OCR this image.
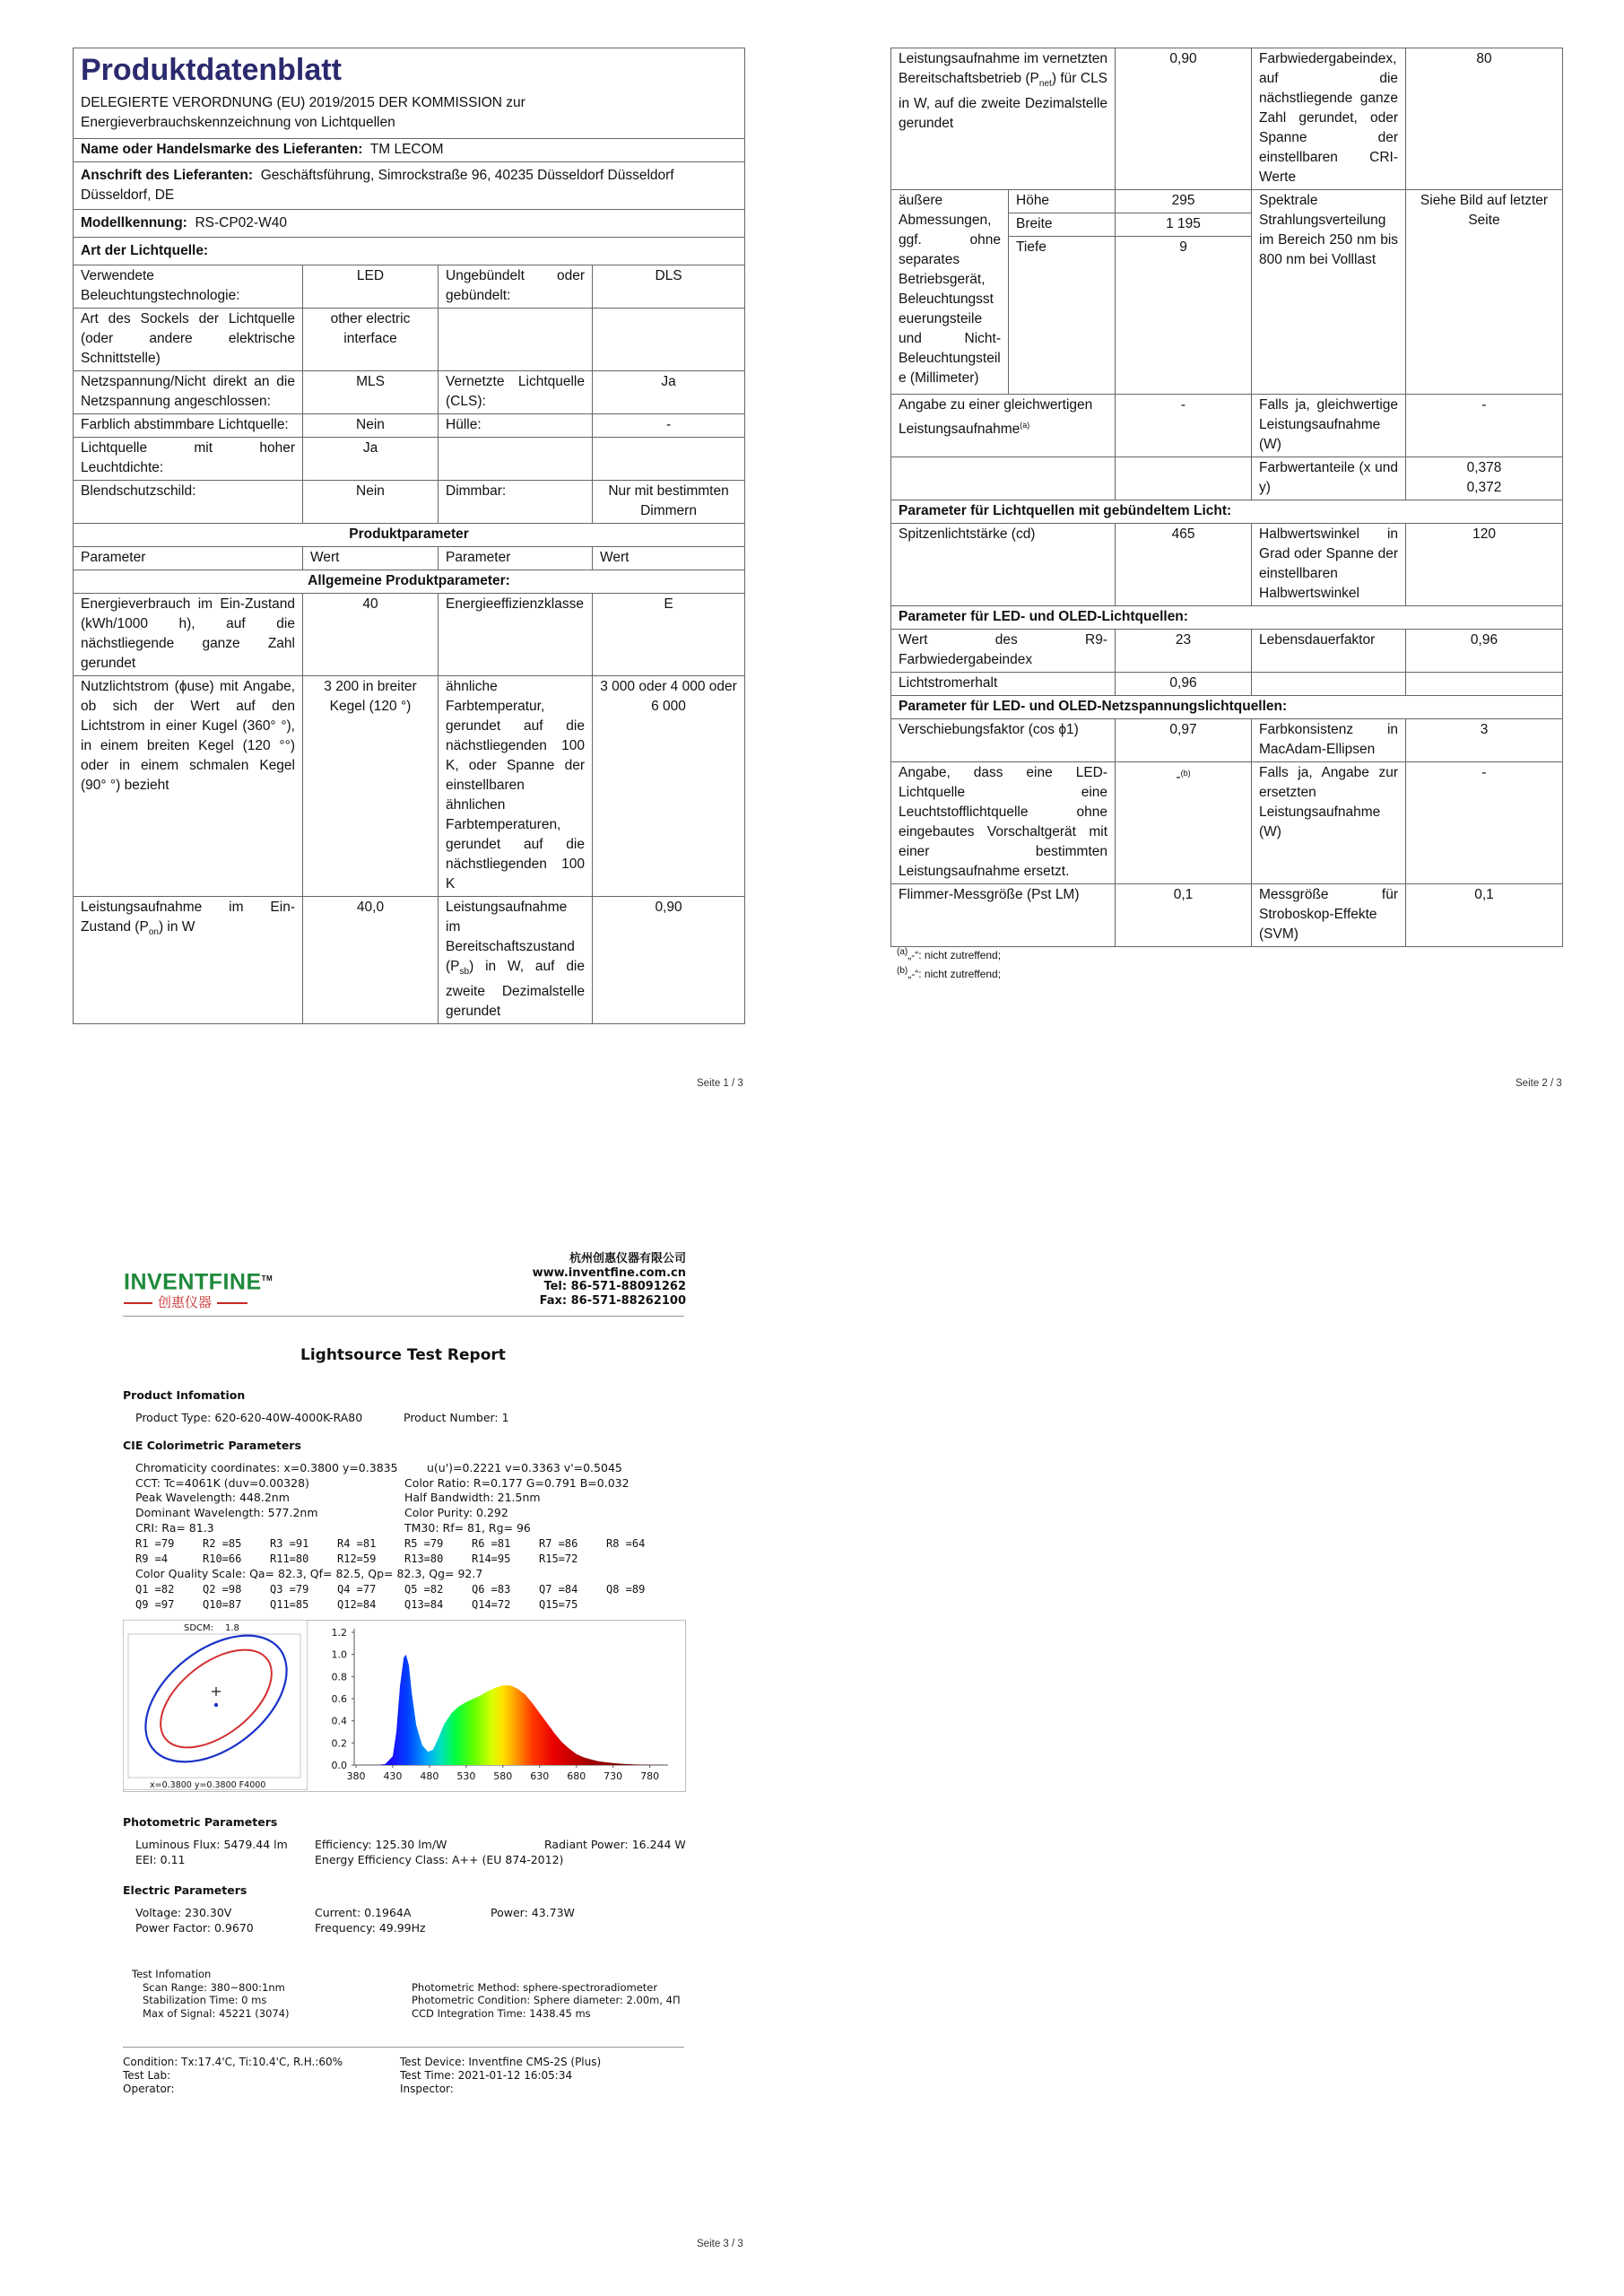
Produktdatenblatt
DELEGIERTE VERORDNUNG (EU) 2019/2015 DER KOMMISSION zur Energieverbrauchskennzeichnung von Lichtquellen			

Name oder Handelsmarke des Lieferanten: TM LECOM			
Anschrift des Lieferanten: Geschäftsführung, Simrockstraße 96, 40235 Düsseldorf Düsseldorf Düsseldorf, DE			
Modellkennung: RS-CP02-W40			
Art der Lichtquelle:			
Verwendete Beleuchtungstechnologie:	LED	Ungebündelt oder gebündelt:	DLS
Art des Sockels der Lichtquelle (oder andere elektrische Schnittstelle)	other electric interface		
Netzspannung/Nicht direkt an die Netzspannung angeschlossen:	MLS	Vernetzte Lichtquelle (CLS):	Ja
Farblich abstimmbare Lichtquelle:	Nein	Hülle:	-
Lichtquelle mit hoher Leuchtdichte:	Ja		
Blendschutzschild:	Nein	Dimmbar:	Nur mit bestimmten Dimmern
Produktparameter			
Parameter	Wert	Parameter	Wert
Allgemeine Produktparameter:			
Energieverbrauch im Ein-Zustand (kWh/1000 h), auf die nächstliegende ganze Zahl gerundet	40	Energieeffizienzklasse	E
Nutzlichtstrom (ϕuse) mit Angabe, ob sich der Wert auf den Lichtstrom in einer Kugel (360° °), in einem breiten Kegel (120 °°) oder in einem schmalen Kegel (90° °) bezieht	3 200 in breiter Kegel (120 °)	ähnliche Farbtemperatur, gerundet auf die nächstliegenden 100 K, oder Spanne der einstellbaren ähnlichen Farbtemperaturen, gerundet auf die nächstliegenden 100 K	3 000 oder 4 000 oder 6 000
Leistungsaufnahme im Ein-Zustand $(P_{on})$ in W	40,0	Leistungsaufnahme im Bereitschaftszustand $(P_{sb})$ in W, auf die zweite Dezimalstelle gerundet	0,90
Seite 1 / 3
Leistungsaufnahme im vernetzten Bereitschaftsbetrieb $(P_{net})$ für CLS in W, auf die zweite Dezimalstelle gerundet		0,90	Farbwiedergabeindex, auf die nächstliegende ganze Zahl gerundet, oder Spanne der einstellbaren CRI-Werte	80
äußere Abmessungen, ggf. ohne separates Betriebsgerät, Beleuchtungssteuerungsteile und Nicht-Beleuchtungsteile (Millimeter)	Höhe	295	Spektrale Strahlungsverteilung im Bereich 250 nm bis 800 nm bei Volllast	Siehe Bild auf letzter Seite
	Breite	1 195		
	Tiefe	9		
Angabe zu einer gleichwertigen Leistungsaufnahme$^{(a)}$		-	Falls ja, gleichwertige Leistungsaufnahme (W)	-
			Farbwertanteile (x und y)	0,378
0,372

Parameter für Lichtquellen mit gebündeltem Licht:				
Spitzenlichtstärke (cd)		465	Halbwertswinkel in Grad oder Spanne der einstellbaren Halbwertswinkel	120
Parameter für LED- und OLED-Lichtquellen:				
Wert des R9-Farbwiedergabeindex		23	Lebensdauerfaktor	0,96
Lichtstromerhalt		0,96		
Parameter für LED- und OLED-Netzspannungslichtquellen:				
Verschiebungsfaktor (cos ϕ1)		0,97	Farbkonsistenz in MacAdam-Ellipsen	3
Angabe, dass eine LED-Lichtquelle eine Leuchtstofflichtquelle ohne eingebautes Vorschaltgerät mit einer bestimmten Leistungsaufnahme ersetzt.		-$^{(b)}$	Falls ja, Angabe zur ersetzten Leistungsaufnahme (W)	-
Flimmer-Messgröße (Pst LM)		0,1	Messgröße für Stroboskop-Effekte (SVM)	0,1
$^{(a)}$„-“: nicht zutreffend;
$^{(b)}$„-“: nicht zutreffend;
Seite 2 / 3
INVENTFINE™
创惠仪器
杭州创惠仪器有限公司
www.inventfine.com.cn
Tel: 86-571-88091262
Fax: 86-571-88262100
Lightsource Test Report
Product Infomation
Product Type: 620-620-40W-4000K-RA80	Product Number: 1
CIE Colorimetric Parameters
Chromaticity coordinates: x=0.3800 y=0.3835	u(u')=0.2221 v=0.3363 v'=0.5045
CCT: Tc=4061K (duv=0.00328)	Color Ratio: R=0.177 G=0.791 B=0.032
Peak Wavelength: 448.2nm	Half Bandwidth: 21.5nm
Dominant Wavelength: 577.2nm	Color Purity: 0.292
CRI: Ra= 81.3	TM30: Rf= 81, Rg= 96
R1 =79	R2 =85	R3 =91	R4 =81	R5 =79	R6 =81	R7 =86	R8 =64
R9 =4	R10=66	R11=80	R12=59	R13=80	R14=95	R15=72
Color Quality Scale: Qa= 82.3, Qf= 82.5, Qp= 82.3, Qg= 92.7
Q1 =82	Q2 =98	Q3 =79	Q4 =77	Q5 =82	Q6 =83	Q7 =84	Q8 =89
Q9 =97	Q10=87	Q11=85	Q12=84	Q13=84	Q14=72	Q15=75
SDCM: 1.8
x=0.3800 y=0.3800 F4000
0.0
0.2
0.4
0.6
0.8
1.0
1.2
380 430 480 530 580 630 680 730 780
Photometric Parameters
Luminous Flux: 5479.44 lm Efficiency: 125.30 lm/W	Radiant Power: 16.244 W
EEI: 0.11	Energy Efficiency Class: A++ (EU 874-2012)
Electric Parameters
Voltage: 230.30V	Current: 0.1964A	Power: 43.73W
Power Factor: 0.9670	Frequency: 49.99Hz
Test Infomation
Scan Range: 380~800:1nm	Photometric Method: sphere-spectroradiometer
Stabilization Time: 0 ms	Photometric Condition: Sphere diameter: 2.00m, 4Π
Max of Signal: 45221 (3074)	CCD Integration Time: 1438.45 ms
Condition: Tx:17.4'C, Ti:10.4'C, R.H.:60%	Test Device: Inventfine CMS-2S (Plus)
Test Lab:	Test Time: 2021-01-12 16:05:34
Operator:	Inspector:
Seite 3 / 3
